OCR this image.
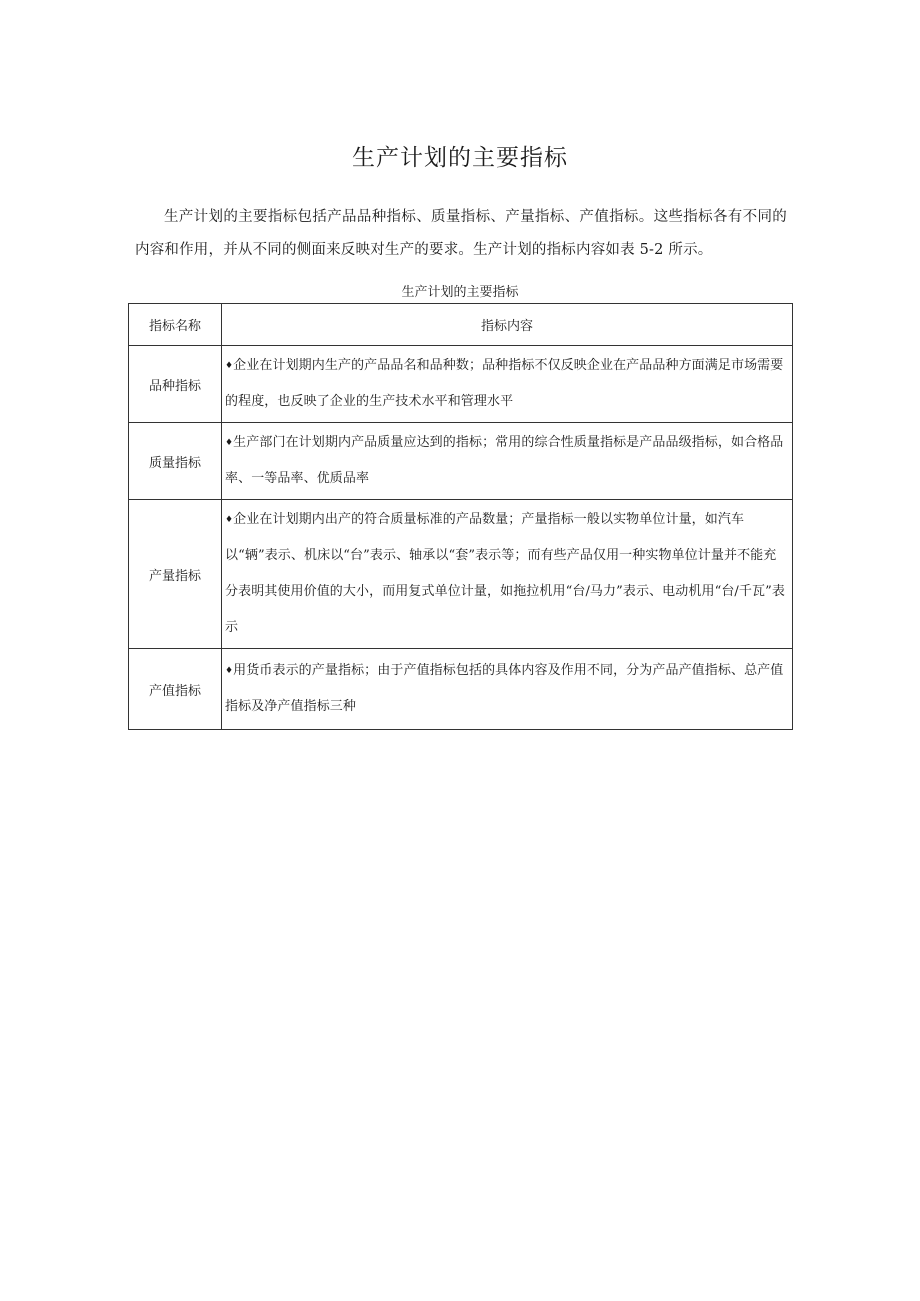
生产计划的主要指标

生产计划的主要指标包括产品品种指标、质量指标、产量指标、产值指标。这些指标各有不同的内容和作用，并从不同的侧面来反映对生产的要求。生产计划的指标内容如表 5-2 所示。

生产计划的主要指标

指标名称	指标内容
品种指标	♦企业在计划期内生产的产品品名和品种数；品种指标不仅反映企业在产品品种方面满足市场需要的程度，也反映了企业的生产技术水平和管理水平
质量指标	♦生产部门在计划期内产品质量应达到的指标；常用的综合性质量指标是产品品级指标，如合格品率、一等品率、优质品率
产量指标	♦企业在计划期内出产的符合质量标准的产品数量；产量指标一般以实物单位计量，如汽车以“辆”表示、机床以“台”表示、轴承以“套”表示等；而有些产品仅用一种实物单位计量并不能充分表明其使用价值的大小，而用复式单位计量，如拖拉机用“台/马力”表示、电动机用“台/千瓦”表示
产值指标	♦用货币表示的产量指标；由于产值指标包括的具体内容及作用不同，分为产品产值指标、总产值指标及净产值指标三种
